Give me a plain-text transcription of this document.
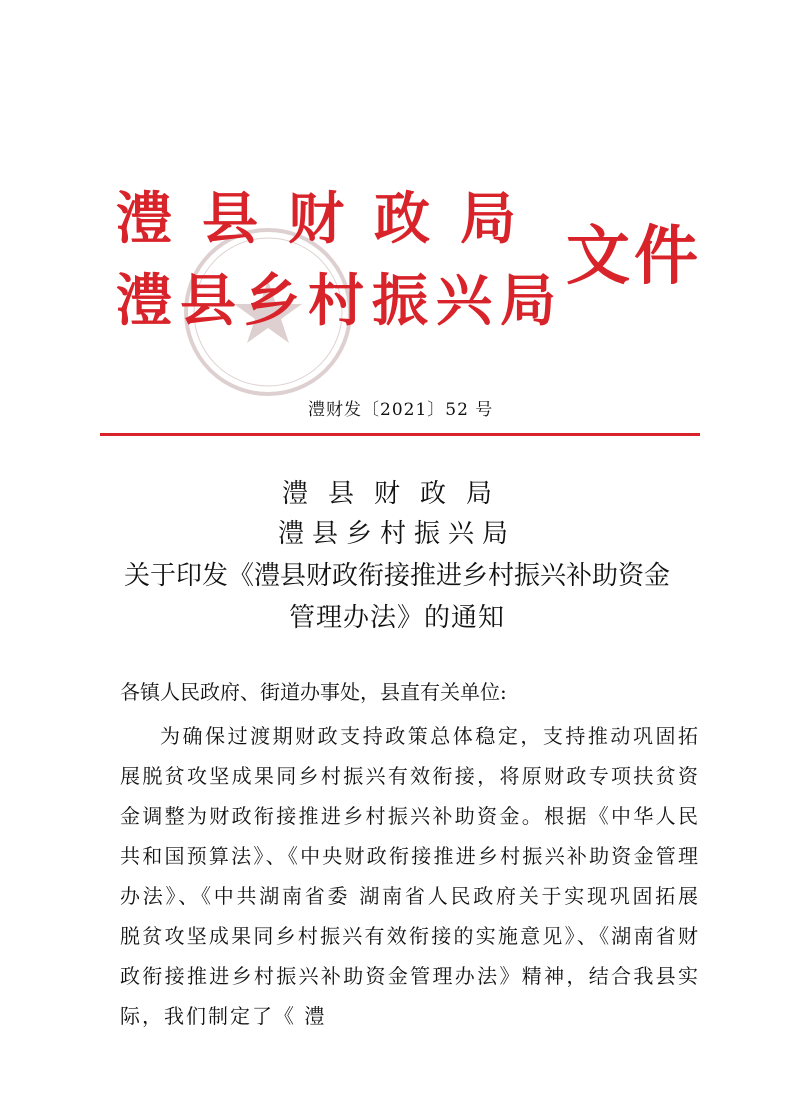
澧县财政局
澧县乡村振兴局
文件
澧财发〔2021〕52 号
澧县财政局
澧县乡村振兴局
关于印发《澧县财政衔接推进乡村振兴补助资金
管理办法》的通知
各镇人民政府、街道办事处，县直有关单位:
为确保过渡期财政支持政策总体稳定，支持推动巩固拓展脱贫攻坚成果同乡村振兴有效衔接，将原财政专项扶贫资金调整为财政衔接推进乡村振兴补助资金。根据《中华人民共和国预算法》、《中央财政衔接推进乡村振兴补助资金管理办法》、《中共湖南省委 湖南省人民政府关于实现巩固拓展脱贫攻坚成果同乡村振兴有效衔接的实施意见》、《湖南省财政衔接推进乡村振兴补助资金管理办法》精神，结合我县实际，我们制定了《 澧
